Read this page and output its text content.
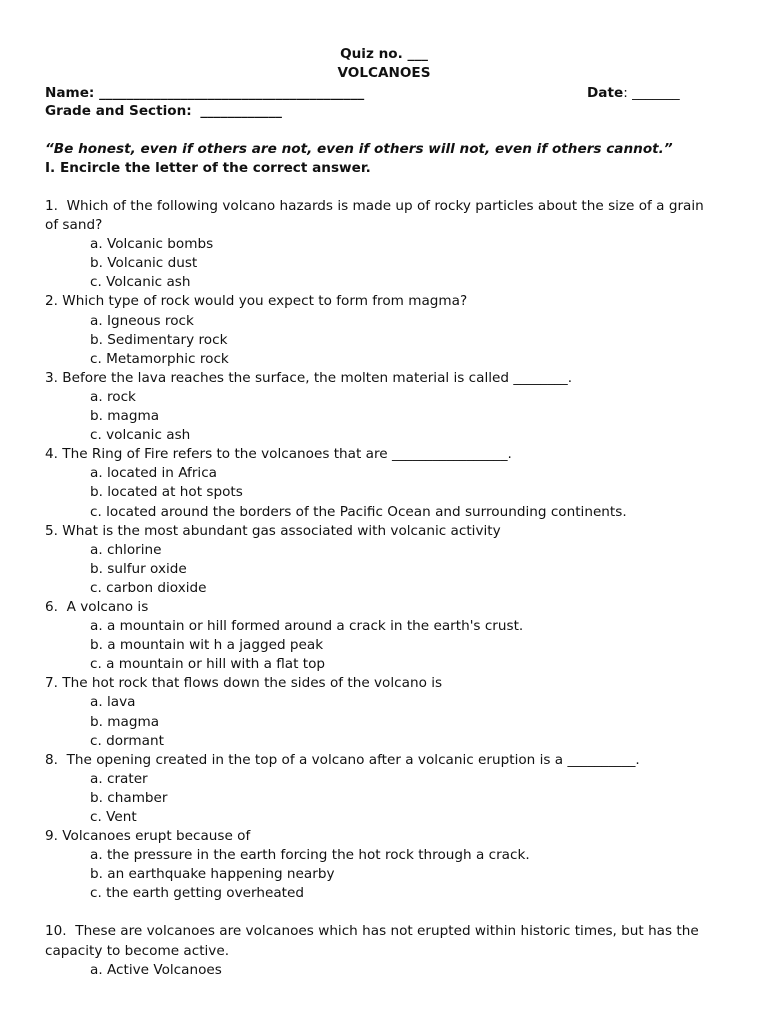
Quiz no. ___
VOLCANOES
Name: _______________________________________	Date: _______
Grade and Section: ____________
“Be honest, even if others are not, even if others will not, even if others cannot.”
I. Encircle the letter of the correct answer.
1.  Which of the following volcano hazards is made up of rocky particles about the size of a grain
of sand?
a. Volcanic bombs
b. Volcanic dust
c. Volcanic ash
2. Which type of rock would you expect to form from magma?
a. Igneous rock
b. Sedimentary rock
c. Metamorphic rock
3. Before the lava reaches the surface, the molten material is called ________.
a. rock
b. magma
c. volcanic ash
4. The Ring of Fire refers to the volcanoes that are _________________.
a. located in Africa
b. located at hot spots
c. located around the borders of the Pacific Ocean and surrounding continents.
5. What is the most abundant gas associated with volcanic activity
a. chlorine
b. sulfur oxide
c. carbon dioxide
6.  A volcano is
a. a mountain or hill formed around a crack in the earth's crust.
b. a mountain wit h a jagged peak
c. a mountain or hill with a flat top
7. The hot rock that flows down the sides of the volcano is
a. lava
b. magma
c. dormant
8.  The opening created in the top of a volcano after a volcanic eruption is a __________.
a. crater
b. chamber
c. Vent
9. Volcanoes erupt because of
a. the pressure in the earth forcing the hot rock through a crack.
b. an earthquake happening nearby
c. the earth getting overheated
10.  These are volcanoes are volcanoes which has not erupted within historic times, but has the
capacity to become active.
a. Active Volcanoes
